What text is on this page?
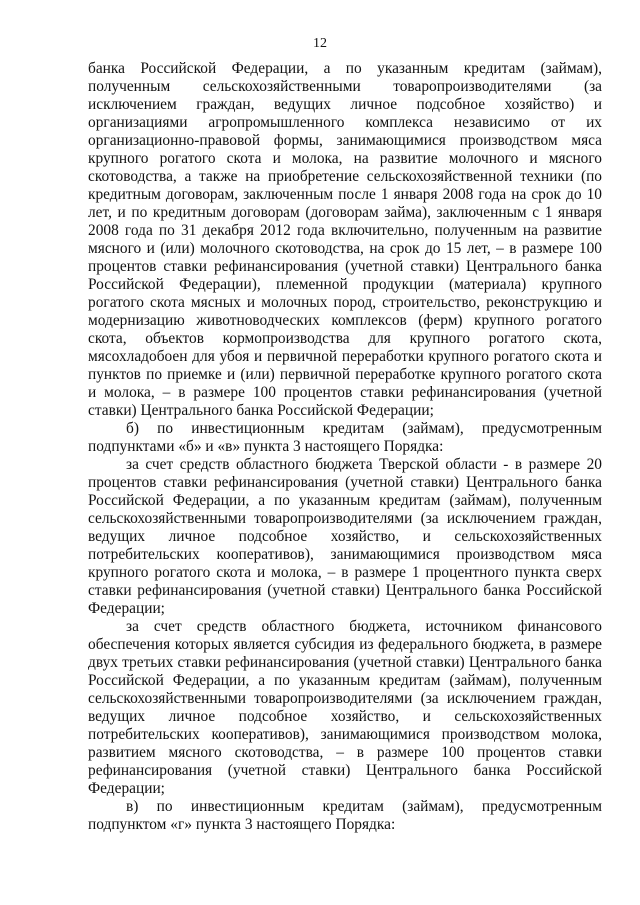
12

банка Российской Федерации, а по указанным кредитам (займам), полученным сельскохозяйственными товаропроизводителями (за исключением граждан, ведущих личное подсобное хозяйство) и организациями агропромышленного комплекса независимо от их организационно-правовой формы, занимающимися производством мяса крупного рогатого скота и молока, на развитие молочного и мясного скотоводства, а также на приобретение сельскохозяйственной техники (по кредитным договорам, заключенным после 1 января 2008 года на срок до 10 лет, и по кредитным договорам (договорам займа), заключенным с 1 января 2008 года по 31 декабря 2012 года включительно, полученным на развитие мясного и (или) молочного скотоводства, на срок до 15 лет, – в размере 100 процентов ставки рефинансирования (учетной ставки) Центрального банка Российской Федерации), племенной продукции (материала) крупного рогатого скота мясных и молочных пород, строительство, реконструкцию и модернизацию животноводческих комплексов (ферм) крупного рогатого скота, объектов кормопроизводства для крупного рогатого скота, мясохладобоен для убоя и первичной переработки крупного рогатого скота и пунктов по приемке и (или) первичной переработке крупного рогатого скота и молока, – в размере 100 процентов ставки рефинансирования (учетной ставки) Центрального банка Российской Федерации;

б) по инвестиционным кредитам (займам), предусмотренным подпунктами «б» и «в» пункта 3 настоящего Порядка:

за счет средств областного бюджета Тверской области - в размере 20 процентов ставки рефинансирования (учетной ставки) Центрального банка Российской Федерации, а по указанным кредитам (займам), полученным сельскохозяйственными товаропроизводителями (за исключением граждан, ведущих личное подсобное хозяйство, и сельскохозяйственных потребительских кооперативов), занимающимися производством мяса крупного рогатого скота и молока, – в размере 1 процентного пункта сверх ставки рефинансирования (учетной ставки) Центрального банка Российской Федерации;

за счет средств областного бюджета, источником финансового обеспечения которых является субсидия из федерального бюджета, в размере двух третьих ставки рефинансирования (учетной ставки) Центрального банка Российской Федерации, а по указанным кредитам (займам), полученным сельскохозяйственными товаропроизводителями (за исключением граждан, ведущих личное подсобное хозяйство, и сельскохозяйственных потребительских кооперативов), занимающимися производством молока, развитием мясного скотоводства, – в размере 100 процентов ставки рефинансирования (учетной ставки) Центрального банка Российской Федерации;

в) по инвестиционным кредитам (займам), предусмотренным подпунктом «г» пункта 3 настоящего Порядка:
